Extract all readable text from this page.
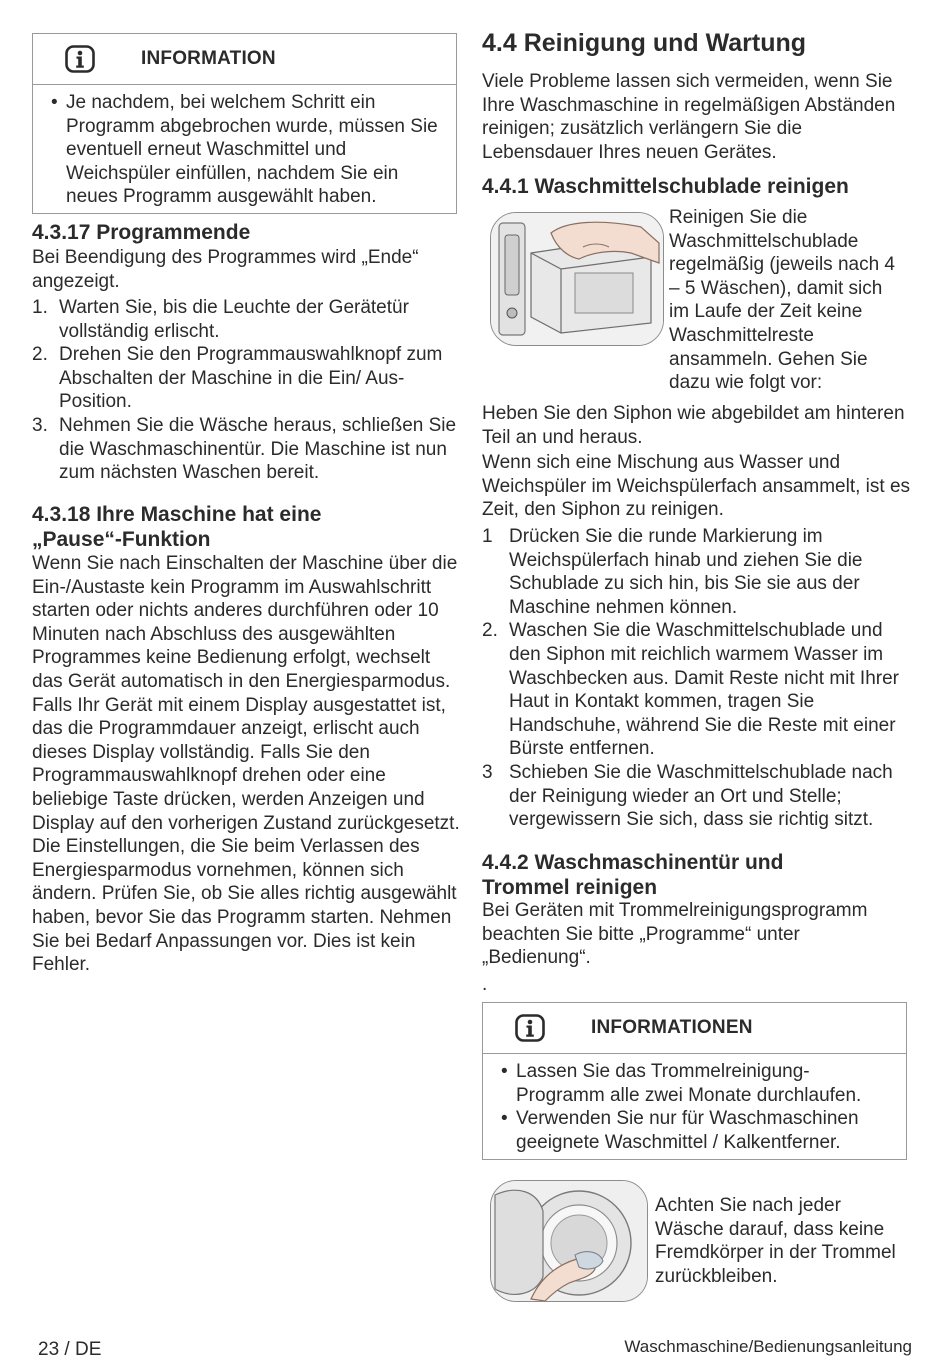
INFORMATION
• Je nachdem, bei welchem Schritt ein Programm abgebrochen wurde, müssen Sie eventuell erneut Waschmittel und Weichspüler einfüllen, nachdem Sie ein neues Programm ausgewählt haben.
4.3.17 Programmende

Bei Beendigung des Programmes wird „Ende“ angezeigt.

1. Warten Sie, bis die Leuchte der Gerätetür vollständig erlischt.
2. Drehen Sie den Programmauswahlknopf zum Abschalten der Maschine in die Ein/ Aus-Position.
3. Nehmen Sie die Wäsche heraus, schließen Sie die Waschmaschinentür. Die Maschine ist nun zum nächsten Waschen bereit.
4.3.18 Ihre Maschine hat eine „Pause“-Funktion

Wenn Sie nach Einschalten der Maschine über die Ein-/Austaste kein Programm im Auswahlschritt starten oder nichts anderes durchführen oder 10 Minuten nach Abschluss des ausgewählten Programmes keine Bedienung erfolgt, wechselt das Gerät automatisch in den Energiesparmodus. Falls Ihr Gerät mit einem Display ausgestattet ist, das die Programmdauer anzeigt, erlischt auch dieses Display vollständig. Falls Sie den Programmauswahlknopf drehen oder eine beliebige Taste drücken, werden Anzeigen und Display auf den vorherigen Zustand zurückgesetzt. Die Einstellungen, die Sie beim Verlassen des Energiesparmodus vornehmen, können sich ändern. Prüfen Sie, ob Sie alles richtig ausgewählt haben, bevor Sie das Programm starten. Nehmen Sie bei Bedarf Anpassungen vor. Dies ist kein Fehler.

4.4 Reinigung und Wartung

Viele Probleme lassen sich vermeiden, wenn Sie Ihre Waschmaschine in regelmäßigen Abständen reinigen; zusätzlich verlängern Sie die Lebensdauer Ihres neuen Gerätes.

4.4.1 Waschmittelschublade reinigen

Reinigen Sie die Waschmittelschublade regelmäßig (jeweils nach 4 – 5 Wäschen), damit sich im Laufe der Zeit keine Waschmittelreste ansammeln. Gehen Sie dazu wie folgt vor:

Heben Sie den Siphon wie abgebildet am hinteren Teil an und heraus.

Wenn sich eine Mischung aus Wasser und Weichspüler im Weichspülerfach ansammelt, ist es Zeit, den Siphon zu reinigen.

1 Drücken Sie die runde Markierung im Weichspülerfach hinab und ziehen Sie die Schublade zu sich hin, bis Sie sie aus der Maschine nehmen können.
2. Waschen Sie die Waschmittelschublade und den Siphon mit reichlich warmem Wasser im Waschbecken aus. Damit Reste nicht mit Ihrer Haut in Kontakt kommen, tragen Sie Handschuhe, während Sie die Reste mit einer Bürste entfernen.
3 Schieben Sie die Waschmittelschublade nach der Reinigung wieder an Ort und Stelle; vergewissern Sie sich, dass sie richtig sitzt.
4.4.2 Waschmaschinentür und Trommel reinigen

Bei Geräten mit Trommelreinigungsprogramm beachten Sie bitte „Programme“ unter „Bedienung“.

.

INFORMATIONEN
• Lassen Sie das Trommelreinigung- Programm alle zwei Monate durchlaufen.
• Verwenden Sie nur für Waschmaschinen geeignete Waschmittel / Kalkentferner.

Achten Sie nach jeder Wäsche darauf, dass keine Fremdkörper in der Trommel zurückbleiben.

23 / DE	Waschmaschine/Bedienungsanleitung
